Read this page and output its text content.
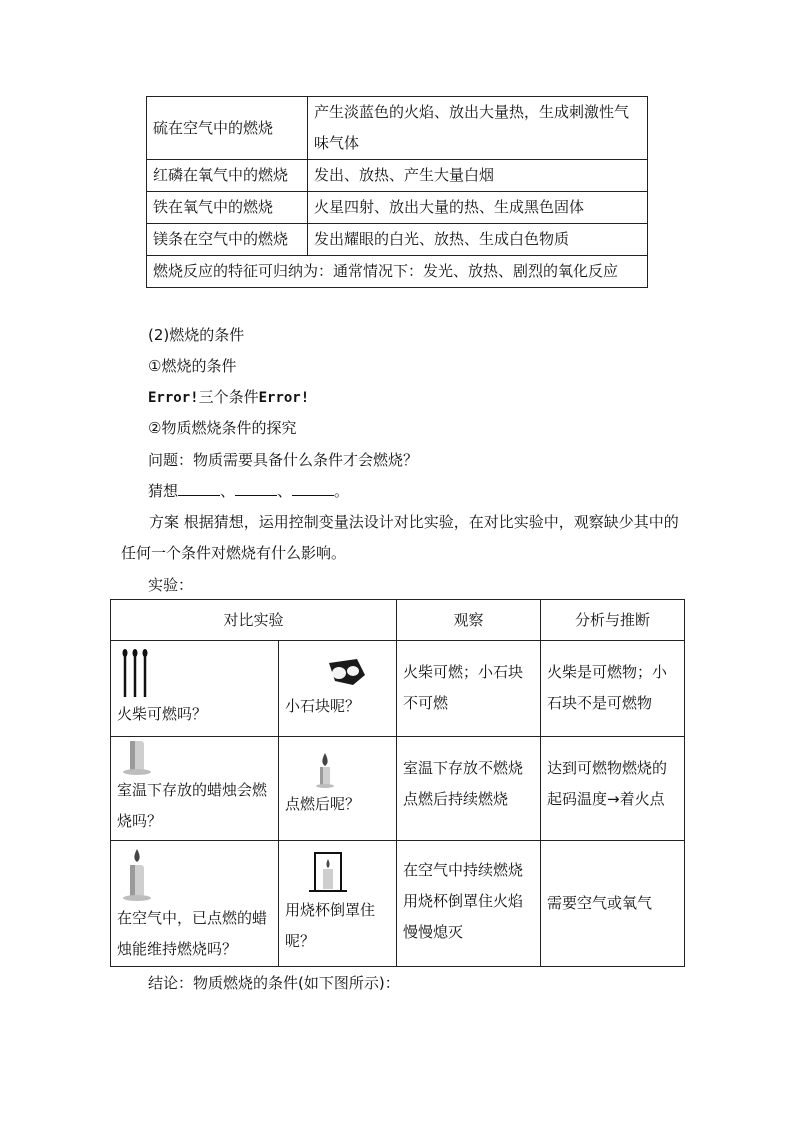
硫在空气中的燃烧	产生淡蓝色的火焰、放出大量热，生成刺激性气味气体
红磷在氧气中的燃烧	发出、放热、产生大量白烟
铁在氧气中的燃烧	火星四射、放出大量的热、生成黑色固体
镁条在空气中的燃烧	发出耀眼的白光、放热、生成白色物质
燃烧反应的特征可归纳为：通常情况下：发光、放热、剧烈的氧化反应	
(2)燃烧的条件
①燃烧的条件
Error!三个条件Error!
②物质燃烧条件的探究
问题：物质需要具备什么条件才会燃烧？
猜想	、	、	。
方案 根据猜想，运用控制变量法设计对比实验，在对比实验中，观察缺少其中的任何一个条件对燃烧有什么影响。
实验：
对比实验		观察	分析与推断

火柴可燃吗？	小石块呢？	火柴可燃；小石块不可燃	火柴是可燃物；小石块不是可燃物

室温下存放的蜡烛会燃烧吗？	点燃后呢？	室温下存放不燃烧点燃后持续燃烧	达到可燃物燃烧的起码温度→着火点

在空气中，已点燃的蜡烛能维持燃烧吗？	用烧杯倒罩住呢？	在空气中持续燃烧用烧杯倒罩住火焰慢慢熄灭	需要空气或氧气
结论：物质燃烧的条件(如下图所示)：
